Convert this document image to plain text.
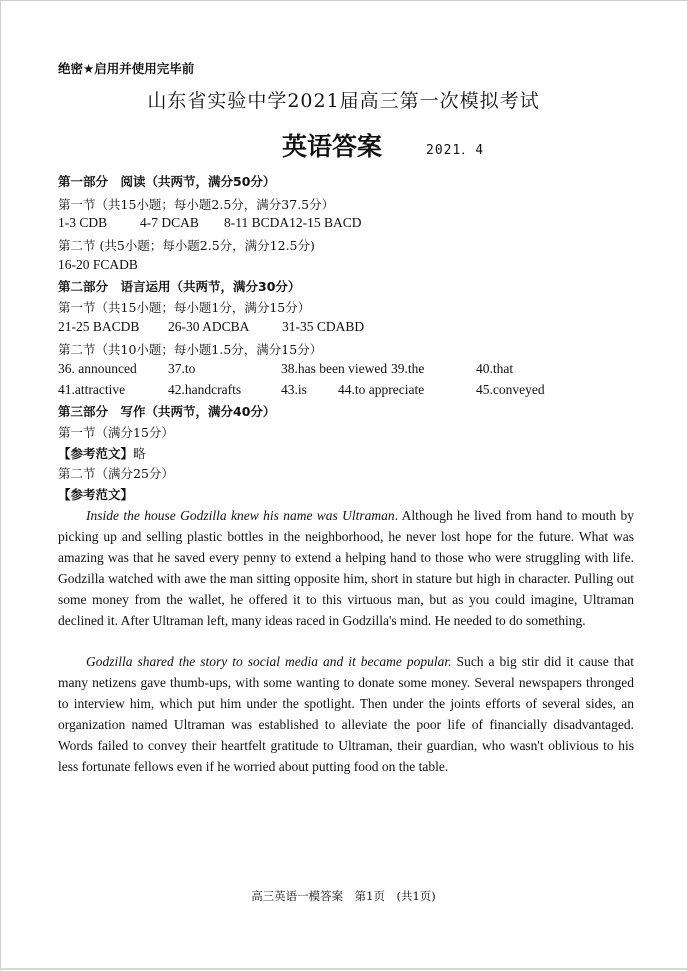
绝密★启用并使用完毕前
山东省实验中学2021届高三第一次模拟考试
英语答案	2021．4
第一部分　阅读（共两节，满分50分）
第一节（共15小题；每小题2.5分，满分37.5分）
1-3 CDB 4-7 DCAB 8-11 BCDA12-15 BACD
第二节 (共5小题；每小题2.5分，满分12.5分)
16-20 FCADB
第二部分　语言运用（共两节，满分30分）
第一节（共15小题；每小题1分，满分15分）
21-25 BACDB 26-30 ADCBA 31-35 CDABD
第二节（共10小题；每小题1.5分，满分15分）
36. announced 37.to	38.has been viewed 39.the	40.that
41.attractive	42.handcrafts	43.is 44.to appreciate	45.conveyed
第三部分　写作（共两节，满分40分）
第一节（满分15分）
【参考范文】略
第二节（满分25分）
【参考范文】
Inside the house Godzilla knew his name was Ultraman. Although he lived from hand to mouth by picking up and selling plastic bottles in the neighborhood, he never lost hope for the future. What was amazing was that he saved every penny to extend a helping hand to those who were struggling with life. Godzilla watched with awe the man sitting opposite him, short in stature but high in character. Pulling out some money from the wallet, he offered it to this virtuous man, but as you could imagine, Ultraman declined it. After Ultraman left, many ideas raced in Godzilla's mind. He needed to do something.
Godzilla shared the story to social media and it became popular. Such a big stir did it cause that many netizens gave thumb-ups, with some wanting to donate some money. Several newspapers thronged to interview him, which put him under the spotlight. Then under the joints efforts of several sides, an organization named Ultraman was established to alleviate the poor life of financially disadvantaged. Words failed to convey their heartfelt gratitude to Ultraman, their guardian, who wasn't oblivious to his less fortunate fellows even if he worried about putting food on the table.
高三英语一模答案　第1页　(共1页)
